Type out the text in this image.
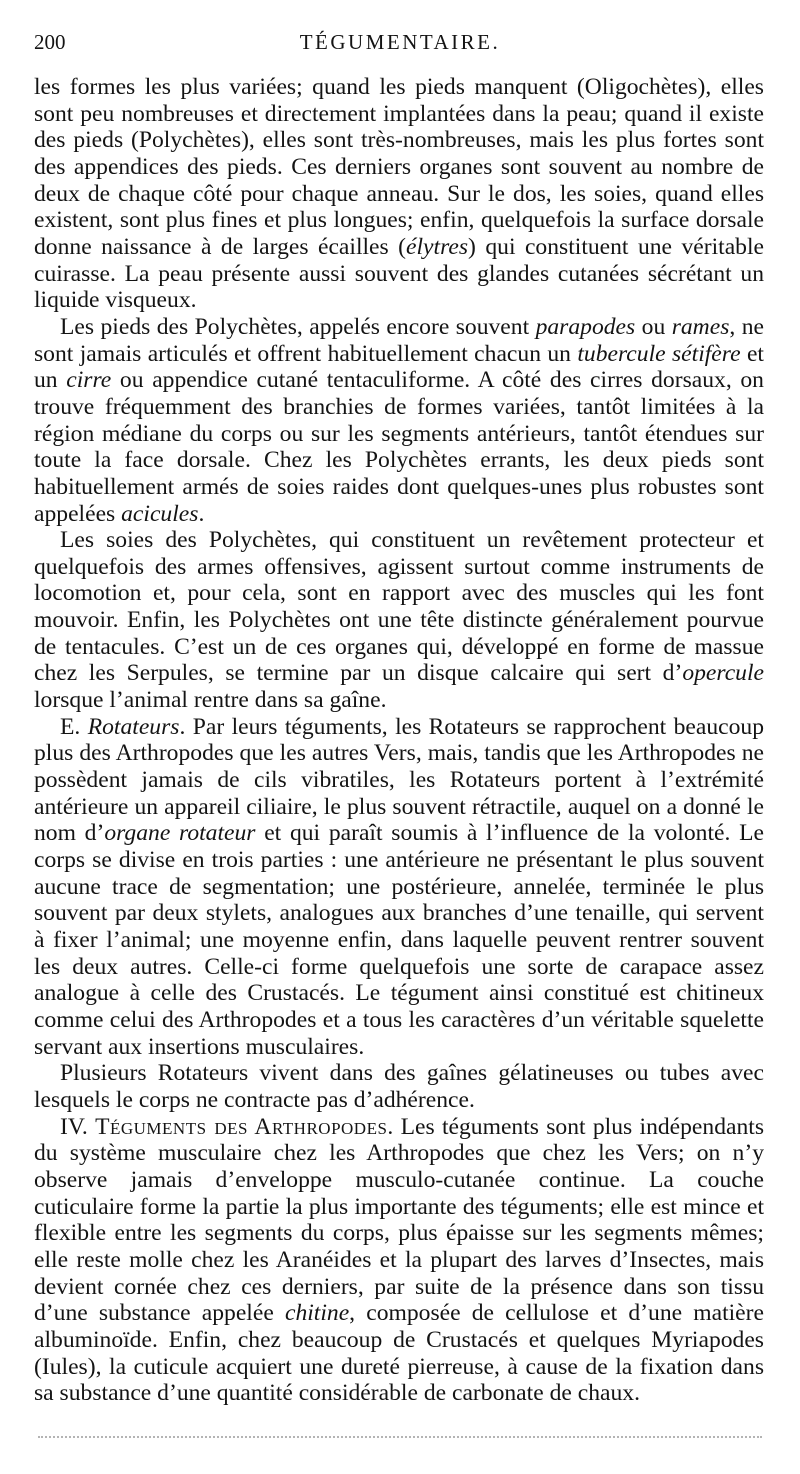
200	TÉGUMENTAIRE.

les formes les plus variées; quand les pieds manquent (Oligochètes), elles sont peu nombreuses et directement implantées dans la peau; quand il existe des pieds (Polychètes), elles sont très-nombreuses, mais les plus fortes sont des appendices des pieds. Ces derniers organes sont souvent au nombre de deux de chaque côté pour chaque anneau. Sur le dos, les soies, quand elles existent, sont plus fines et plus longues; enfin, quelquefois la surface dorsale donne naissance à de larges écailles (élytres) qui constituent une véritable cuirasse. La peau présente aussi souvent des glandes cutanées sécrétant un liquide visqueux.

Les pieds des Polychètes, appelés encore souvent parapodes ou rames, ne sont jamais articulés et offrent habituellement chacun un tubercule sétifère et un cirre ou appendice cutané tentaculiforme. A côté des cirres dorsaux, on trouve fréquemment des branchies de formes variées, tantôt limitées à la région médiane du corps ou sur les segments antérieurs, tantôt étendues sur toute la face dorsale. Chez les Polychètes errants, les deux pieds sont habituellement armés de soies raides dont quelques-unes plus robustes sont appelées acicules.

Les soies des Polychètes, qui constituent un revêtement protecteur et quelquefois des armes offensives, agissent surtout comme instruments de locomotion et, pour cela, sont en rapport avec des muscles qui les font mouvoir. Enfin, les Polychètes ont une tête distincte généralement pourvue de tentacules. C’est un de ces organes qui, développé en forme de massue chez les Serpules, se termine par un disque calcaire qui sert d’opercule lorsque l’animal rentre dans sa gaîne.

E. Rotateurs. Par leurs téguments, les Rotateurs se rapprochent beaucoup plus des Arthropodes que les autres Vers, mais, tandis que les Arthropodes ne possèdent jamais de cils vibratiles, les Rotateurs portent à l’extrémité antérieure un appareil ciliaire, le plus souvent rétractile, auquel on a donné le nom d’organe rotateur et qui paraît soumis à l’influence de la volonté. Le corps se divise en trois parties : une antérieure ne présentant le plus souvent aucune trace de segmentation; une postérieure, annelée, terminée le plus souvent par deux stylets, analogues aux branches d’une tenaille, qui servent à fixer l’animal; une moyenne enfin, dans laquelle peuvent rentrer souvent les deux autres. Celle-ci forme quelquefois une sorte de carapace assez analogue à celle des Crustacés. Le tégument ainsi constitué est chitineux comme celui des Arthropodes et a tous les caractères d’un véritable squelette servant aux insertions musculaires.

Plusieurs Rotateurs vivent dans des gaînes gélatineuses ou tubes avec lesquels le corps ne contracte pas d’adhérence.

IV. Téguments des Arthropodes. Les téguments sont plus indépendants du système musculaire chez les Arthropodes que chez les Vers; on n’y observe jamais d’enveloppe musculo-cutanée continue. La couche cuticulaire forme la partie la plus importante des téguments; elle est mince et flexible entre les segments du corps, plus épaisse sur les segments mêmes; elle reste molle chez les Aranéides et la plupart des larves d’Insectes, mais devient cornée chez ces derniers, par suite de la présence dans son tissu d’une substance appelée chitine, composée de cellulose et d’une matière albuminoïde. Enfin, chez beaucoup de Crustacés et quelques Myriapodes (Iules), la cuticule acquiert une dureté pierreuse, à cause de la fixation dans sa substance d’une quantité considérable de carbonate de chaux.
